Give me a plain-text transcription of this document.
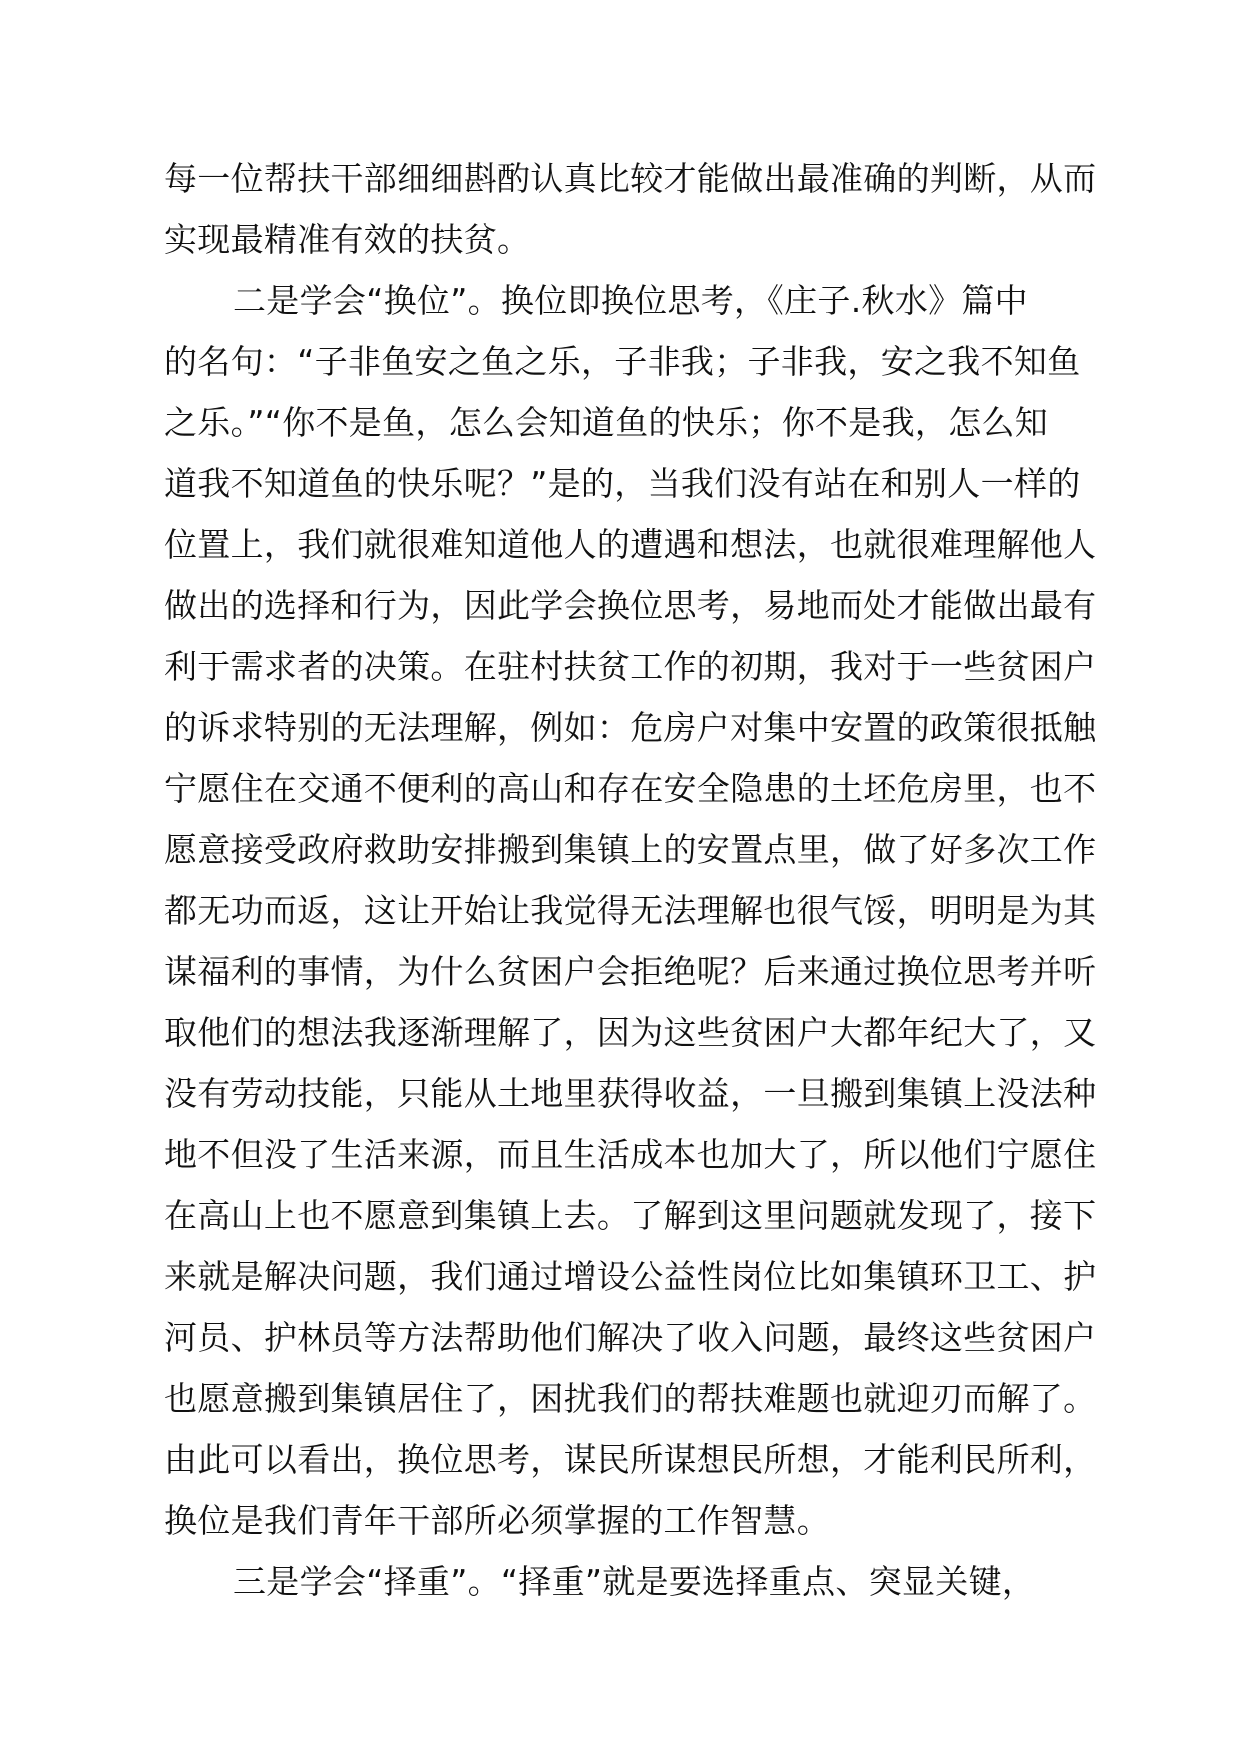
每一位帮扶干部细细斟酌认真比较才能做出最准确的判断，从而
实现最精准有效的扶贫。
二是学会“换位”。换位即换位思考，《庄子.秋水》篇中
的名句：“子非鱼安之鱼之乐，子非我；子非我，安之我不知鱼
之乐。”“你不是鱼，怎么会知道鱼的快乐；你不是我，怎么知
道我不知道鱼的快乐呢？”是的，当我们没有站在和别人一样的
位置上，我们就很难知道他人的遭遇和想法，也就很难理解他人
做出的选择和行为，因此学会换位思考，易地而处才能做出最有
利于需求者的决策。在驻村扶贫工作的初期，我对于一些贫困户
的诉求特别的无法理解，例如：危房户对集中安置的政策很抵触
宁愿住在交通不便利的高山和存在安全隐患的土坯危房里，也不
愿意接受政府救助安排搬到集镇上的安置点里，做了好多次工作
都无功而返，这让开始让我觉得无法理解也很气馁，明明是为其
谋福利的事情，为什么贫困户会拒绝呢？后来通过换位思考并听
取他们的想法我逐渐理解了，因为这些贫困户大都年纪大了，又
没有劳动技能，只能从土地里获得收益，一旦搬到集镇上没法种
地不但没了生活来源，而且生活成本也加大了，所以他们宁愿住
在高山上也不愿意到集镇上去。了解到这里问题就发现了，接下
来就是解决问题，我们通过增设公益性岗位比如集镇环卫工、护
河员、护林员等方法帮助他们解决了收入问题，最终这些贫困户
也愿意搬到集镇居住了，困扰我们的帮扶难题也就迎刃而解了。
由此可以看出，换位思考，谋民所谋想民所想，才能利民所利，
换位是我们青年干部所必须掌握的工作智慧。
三是学会“择重”。“择重”就是要选择重点、突显关键，
